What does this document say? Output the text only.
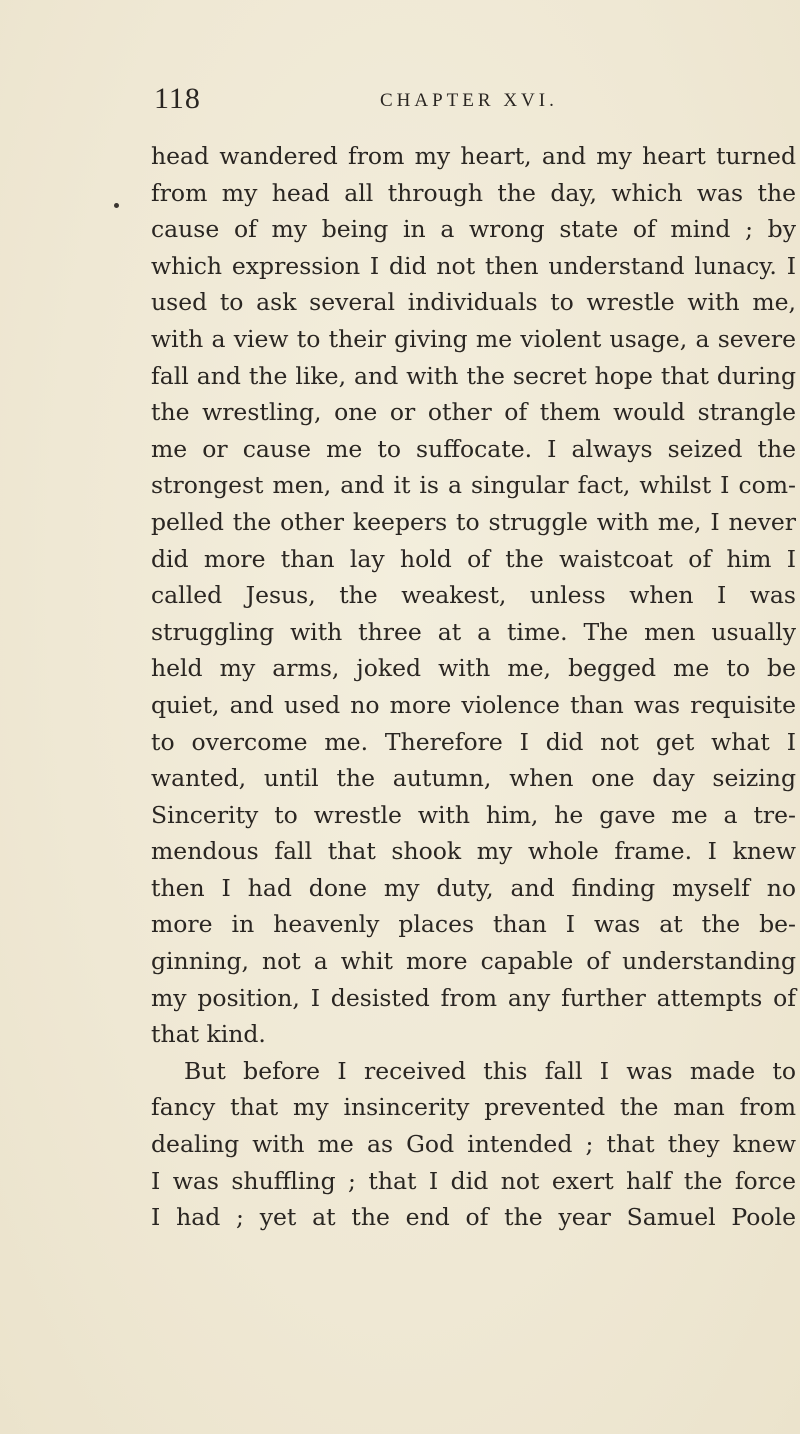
118	CHAPTER XVI.
head wandered from my heart, and my heart turned
from my head all through the day, which was the
cause of my being in a wrong state of mind ; by
which expression I did not then understand lunacy. I
used to ask several individuals to wrestle with me,
with a view to their giving me violent usage, a severe
fall and the like, and with the secret hope that during
the wrestling, one or other of them would strangle
me or cause me to suffocate. I always seized the
strongest men, and it is a singular fact, whilst I com-
pelled the other keepers to struggle with me, I never
did more than lay hold of the waistcoat of him I
called Jesus, the weakest, unless when I was
struggling with three at a time. The men usually
held my arms, joked with me, begged me to be
quiet, and used no more violence than was requisite
to overcome me. Therefore I did not get what I
wanted, until the autumn, when one day seizing
Sincerity to wrestle with him, he gave me a tre-
mendous fall that shook my whole frame. I knew
then I had done my duty, and finding myself no
more in heavenly places than I was at the be-
ginning, not a whit more capable of understanding
my position, I desisted from any further attempts of
that kind.
But before I received this fall I was made to
fancy that my insincerity prevented the man from
dealing with me as God intended ; that they knew
I was shuffling ; that I did not exert half the force
I had ; yet at the end of the year Samuel Poole
